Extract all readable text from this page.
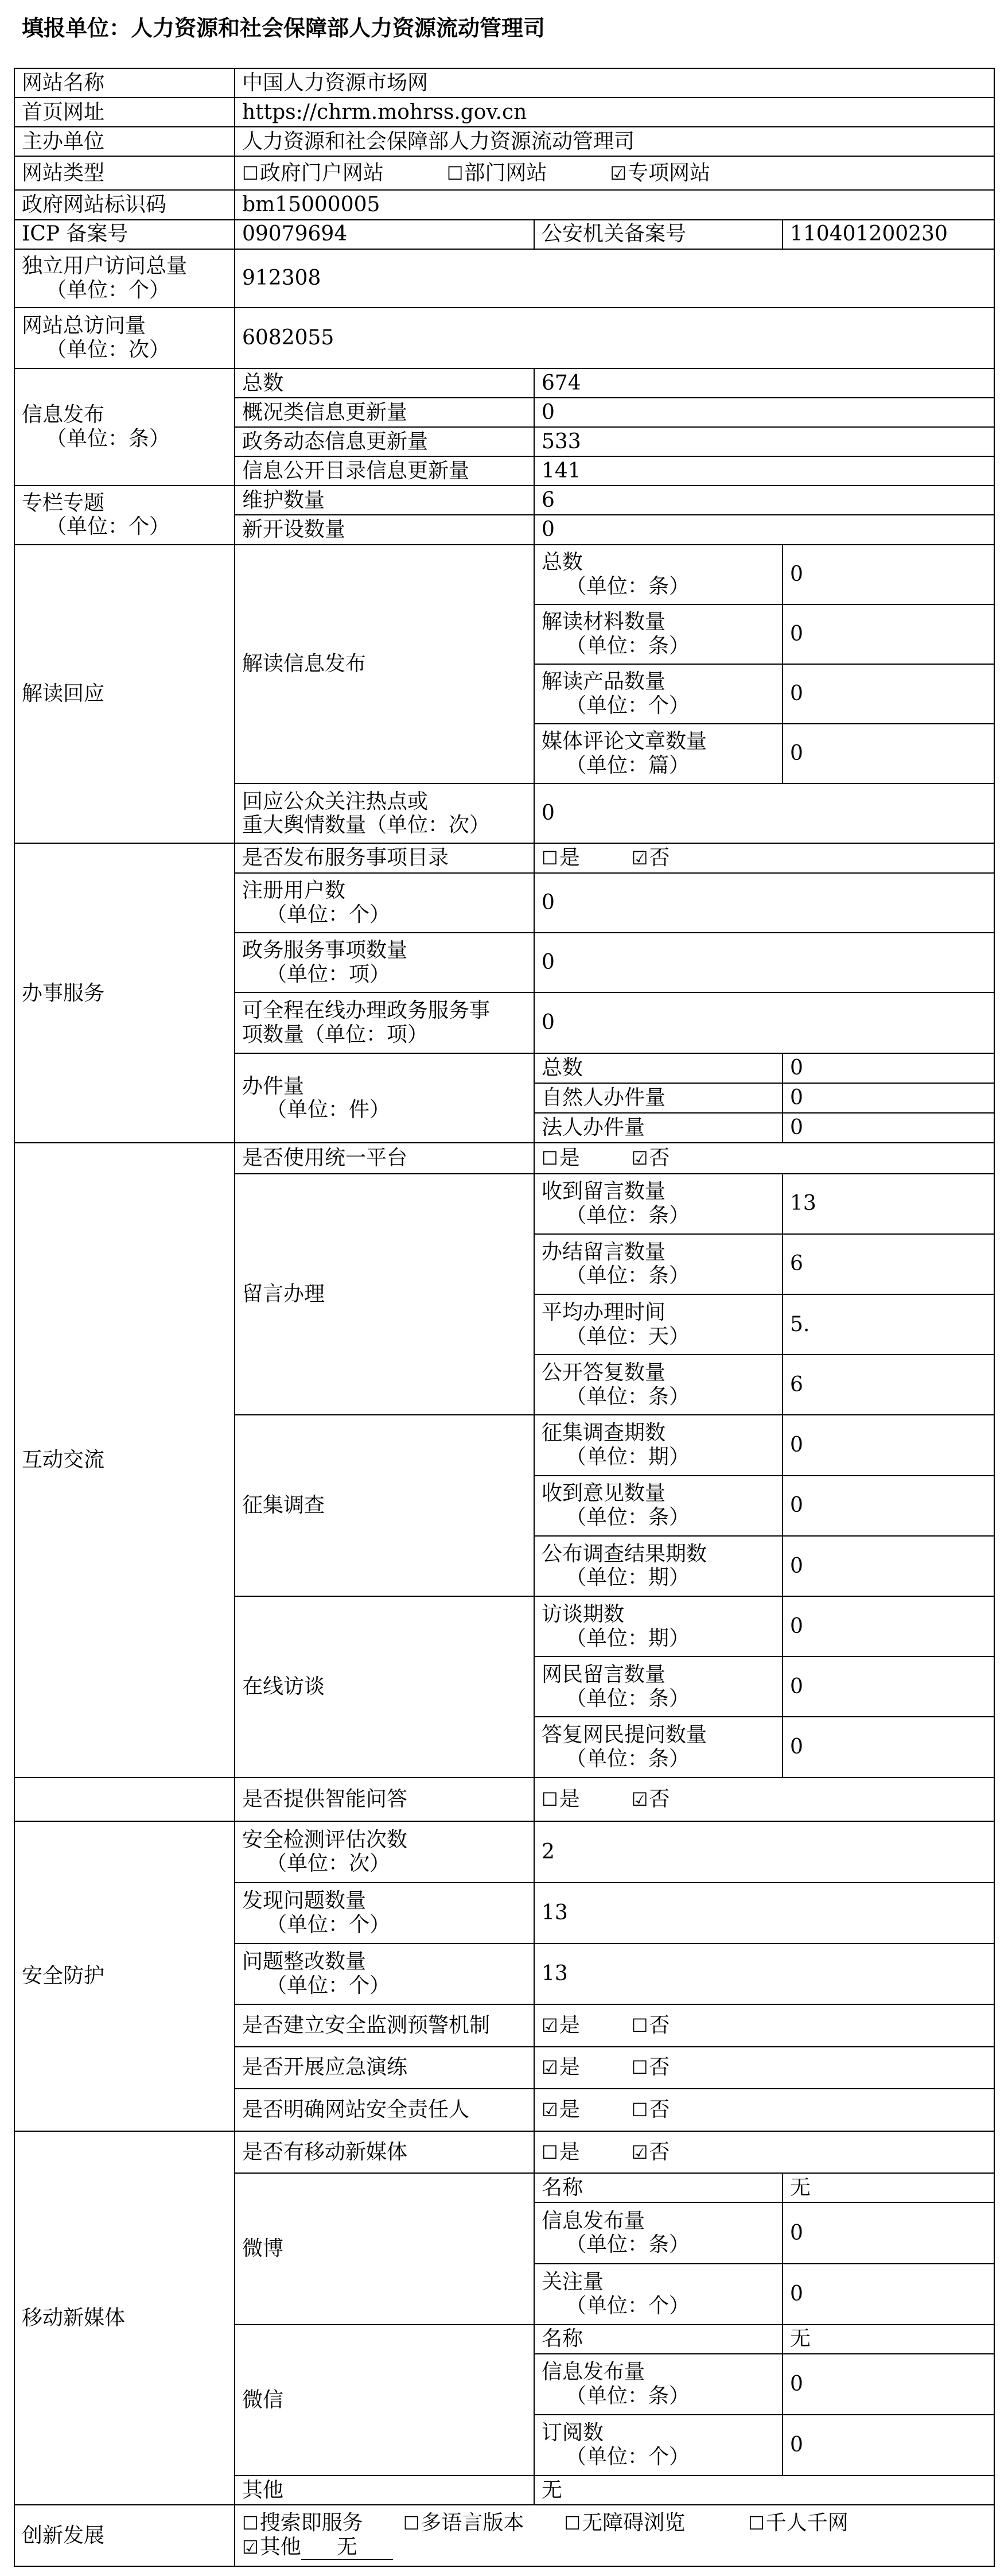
填报单位：人力资源和社会保障部人力资源流动管理司
网站名称	中国人力资源市场网		
首页网址	https://chrm.mohrss.gov.cn		
主办单位	人力资源和社会保障部人力资源流动管理司		
网站类型	☐政府门户网站 ☐部门网站 ☑专项网站		
政府网站标识码	bm15000005		
ICP 备案号	09079694	公安机关备案号	110401200230

独立用户访问总量
（单位：个）	912308		

网站总访问量
（单位：次）	6082055		

信息发布
（单位：条）	总数	674	
	概况类信息更新量	0	
	政务动态信息更新量	533	
	信息公开目录信息更新量	141	

专栏专题
（单位：个）	维护数量	6	
	新开设数量	0	
解读回应	解读信息发布	总数
（单位：条）	0

		解读材料数量
（单位：条）	0

		解读产品数量
（单位：个）	0

		媒体评论文章数量
（单位：篇）	0

	回应公众关注热点或
重大舆情数量（单位：次）	0	
办事服务	是否发布服务事项目录	☐是 ☑否	

	注册用户数
（单位：个）	0	

	政务服务事项数量
（单位：项）	0	

	可全程在线办理政务服务事
项数量（单位：项）	0	

	办件量
（单位：件）	总数	0
		自然人办件量	0
		法人办件量	0
互动交流	是否使用统一平台	☐是 ☑否	
	留言办理	收到留言数量
（单位：条）	13

		办结留言数量
（单位：条）	6

		平均办理时间
（单位：天）	5.

		公开答复数量
（单位：条）	6
	征集调查	征集调查期数
（单位：期）	0

		收到意见数量
（单位：条）	0

		公布调查结果期数
（单位：期）	0
	在线访谈	访谈期数
（单位：期）	0

		网民留言数量
（单位：条）	0

		答复网民提问数量
（单位：条）	0
	是否提供智能问答	☐是 ☑否	
安全防护	安全检测评估次数
（单位：次）	2	

	发现问题数量
（单位：个）	13	

	问题整改数量
（单位：个）	13	
	是否建立安全监测预警机制	☑是 ☐否	
	是否开展应急演练	☑是 ☐否	
	是否明确网站安全责任人	☑是 ☐否	
移动新媒体	是否有移动新媒体	☐是 ☑否	
	微博	名称	无

		信息发布量
（单位：条）	0

		关注量
（单位：个）	0
	微信	名称	无

		信息发布量
（单位：条）	0

		订阅数
（单位：个）	0
	其他	无	
创新发展	☐搜索即服务 ☐多语言版本 ☐无障碍浏览 ☐千人千网
☑其他 无		
